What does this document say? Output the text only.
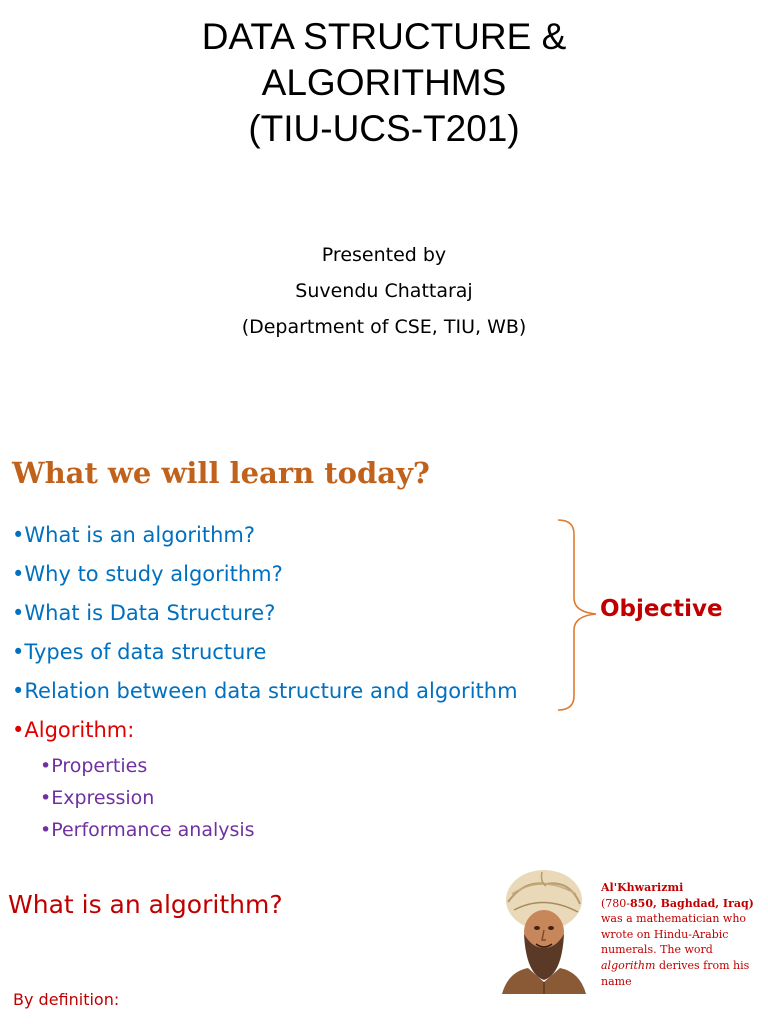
DATA STRUCTURE &
ALGORITHMS
(TIU-UCS-T201)
Presented by
Suvendu Chattaraj
(Department of CSE, TIU, WB)
What we will learn today?
•What is an algorithm?
•Why to study algorithm?
•What is Data Structure?
•Types of data structure
•Relation between data structure and algorithm
•Algorithm:
•Properties
•Expression
•Performance analysis
Objective
What is an algorithm?
By definition:
Al'Khwarizmi
(780-850, Baghdad, Iraq) was a mathematician who wrote on Hindu-Arabic numerals. The word algorithm derives from his name
